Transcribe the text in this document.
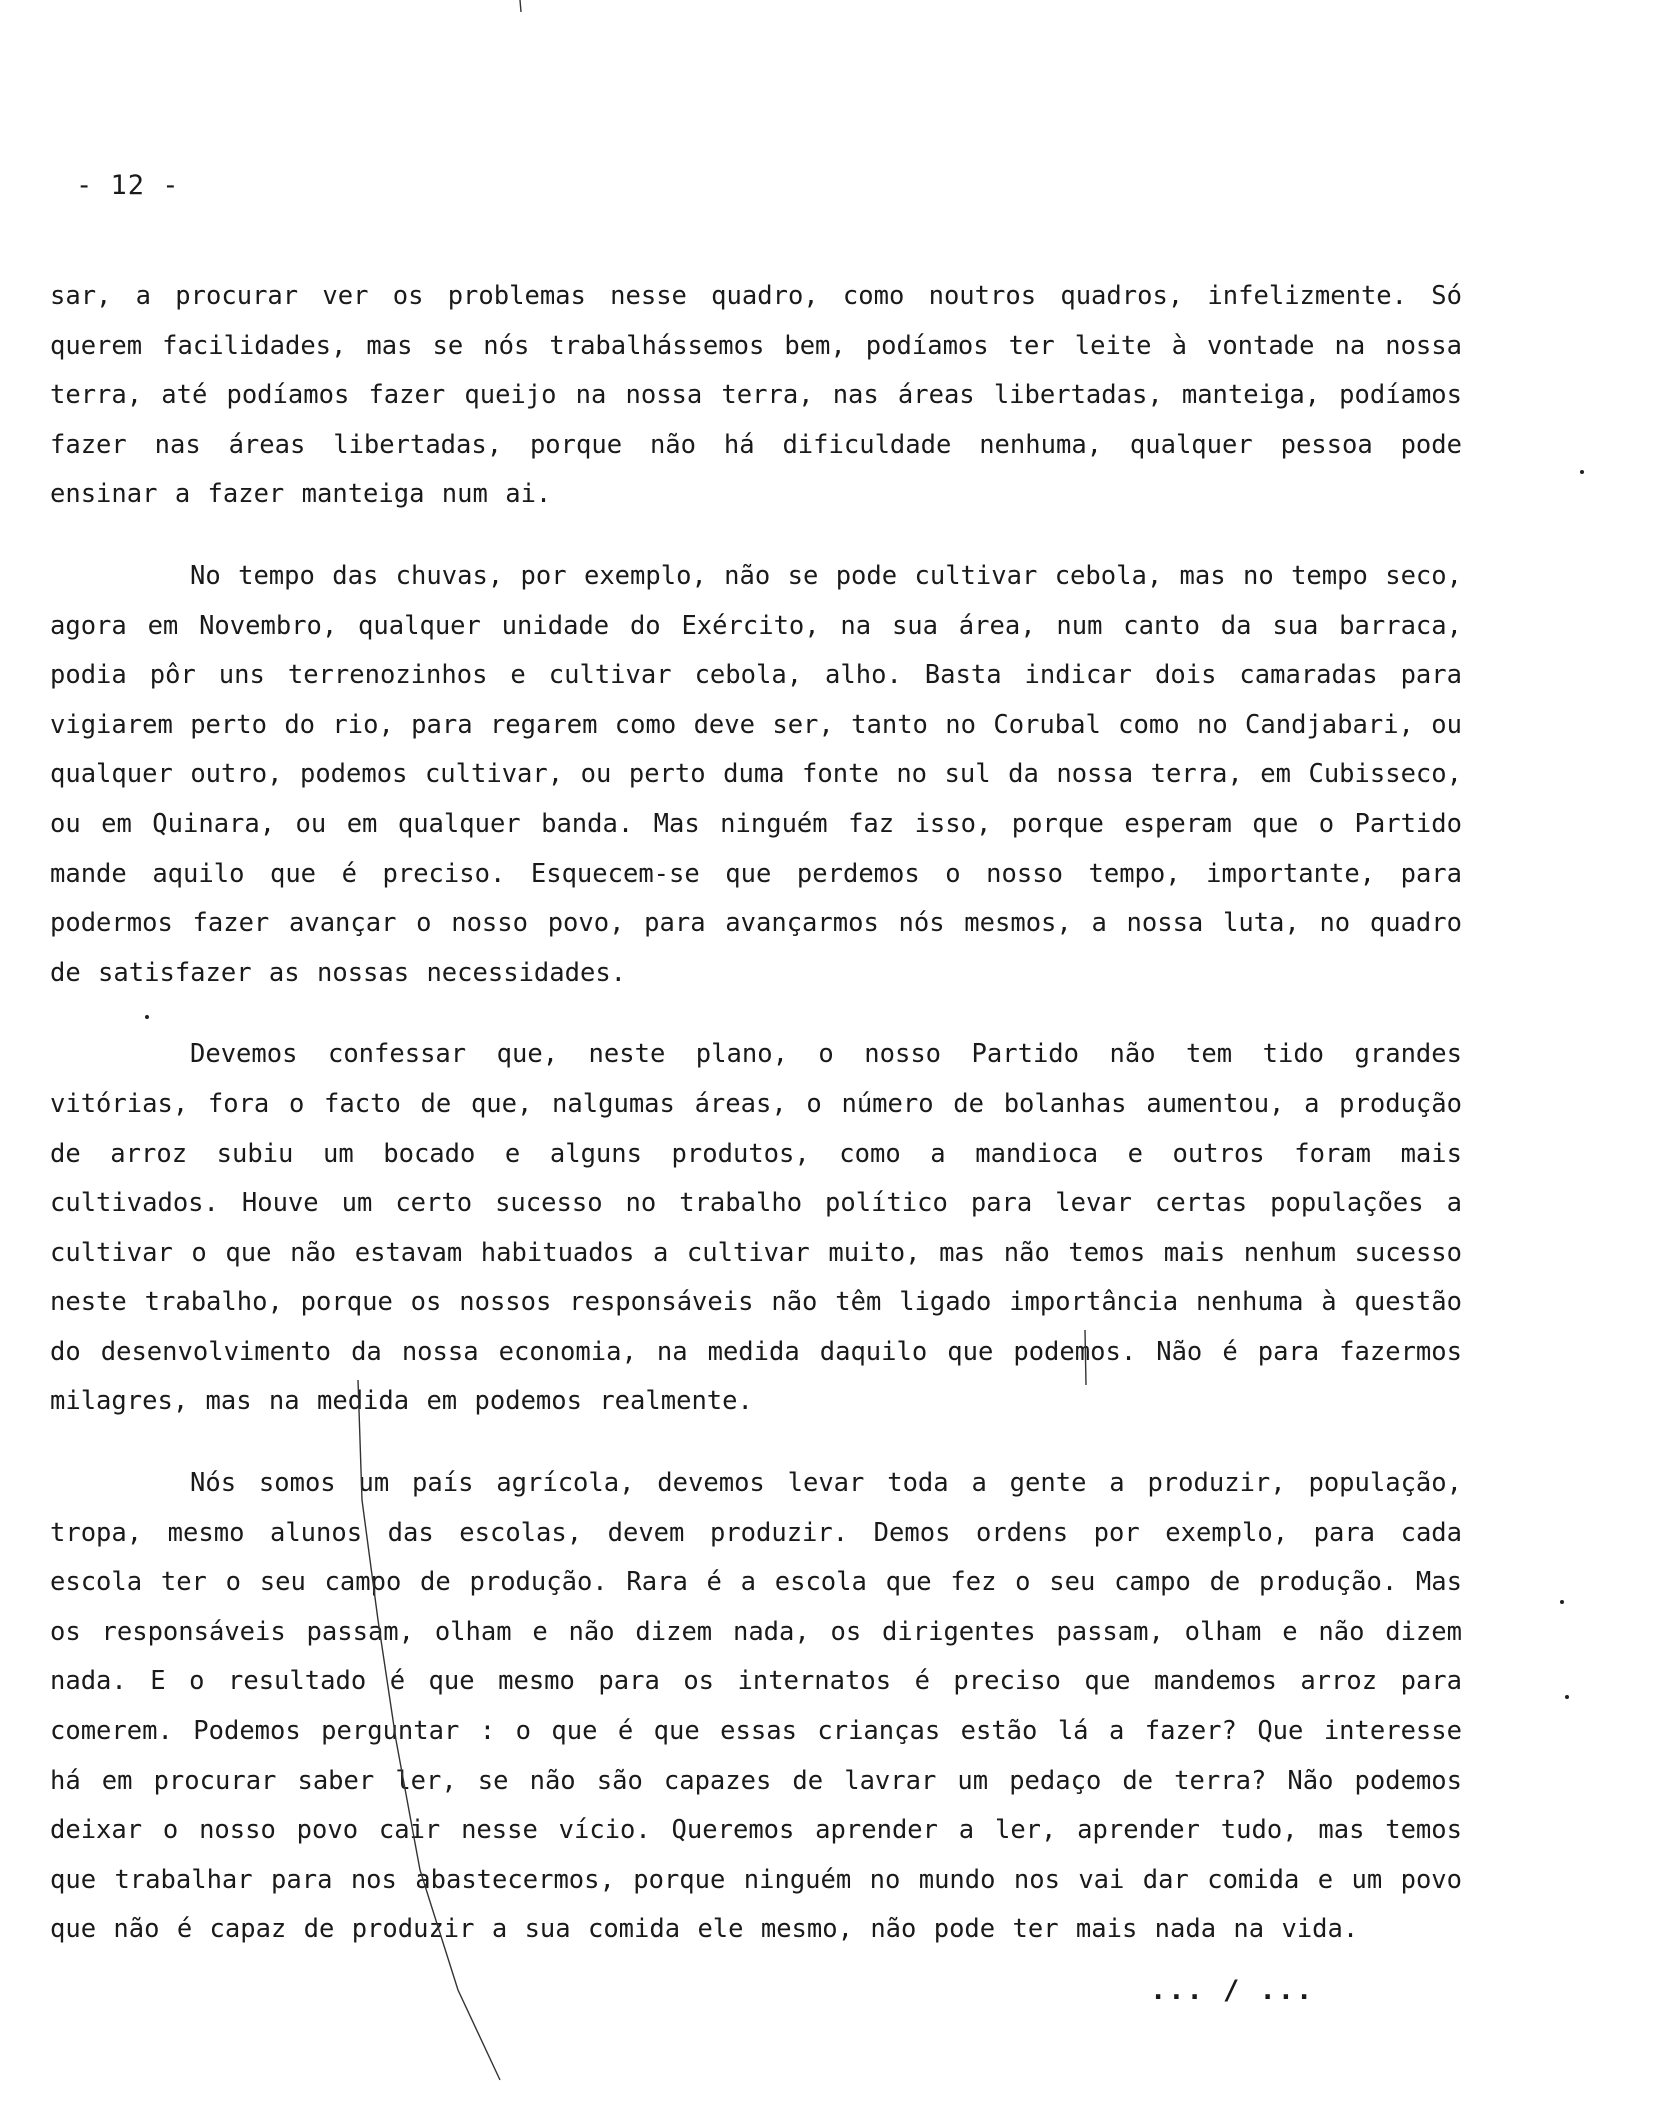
- 12 -

sar, a procurar ver os problemas nesse quadro, como noutros quadros, infelizmente. Só querem facilidades, mas se nós trabalhássemos bem, podíamos ter leite à vontade na nossa terra, até podíamos fazer queijo na nossa terra, nas áreas libertadas, manteiga, podíamos fazer nas áreas libertadas, porque não há dificuldade nenhuma, qualquer pessoa pode ensinar a fazer manteiga num ai.

No tempo das chuvas, por exemplo, não se pode cultivar cebola, mas no tempo seco, agora em Novembro, qualquer unidade do Exército, na sua área, num canto da sua barraca, podia pôr uns terrenozinhos e cultivar cebola, alho. Basta indicar dois camaradas para vigiarem perto do rio, para regarem como deve ser, tanto no Corubal como no Candjabari, ou qualquer outro, podemos cultivar, ou perto duma fonte no sul da nossa terra, em Cubisseco, ou em Quinara, ou em qualquer banda. Mas ninguém faz isso, porque esperam que o Partido mande aquilo que é preciso. Esquecem-se que perdemos o nosso tempo, importante, para podermos fazer avançar o nosso povo, para avançarmos nós mesmos, a nossa luta, no quadro de satisfazer as nossas necessidades.

Devemos confessar que, neste plano, o nosso Partido não tem tido grandes vitórias, fora o facto de que, nalgumas áreas, o número de bolanhas aumentou, a produção de arroz subiu um bocado e alguns produtos, como a mandioca e outros foram mais cultivados. Houve um certo sucesso no trabalho político para levar certas populações a cultivar o que não estavam habituados a cultivar muito, mas não temos mais nenhum sucesso neste trabalho, porque os nossos responsáveis não têm ligado importância nenhuma à questão do desenvolvimento da nossa economia, na medida daquilo que podemos. Não é para fazermos milagres, mas na medida em podemos realmente.

Nós somos um país agrícola, devemos levar toda a gente a produzir, população, tropa, mesmo alunos das escolas, devem produzir. Demos ordens por exemplo, para cada escola ter o seu campo de produção. Rara é a escola que fez o seu campo de produção. Mas os responsáveis passam, olham e não dizem nada, os dirigentes passam, olham e não dizem nada. E o resultado é que mesmo para os internatos é preciso que mandemos arroz para comerem. Podemos perguntar : o que é que essas crianças estão lá a fazer? Que interesse há em procurar saber ler, se não são capazes de lavrar um pedaço de terra? Não podemos deixar o nosso povo cair nesse vício. Queremos aprender a ler, aprender tudo, mas temos que trabalhar para nos abastecermos, porque ninguém no mundo nos vai dar comida e um povo que não é capaz de produzir a sua comida ele mesmo, não pode ter mais nada na vida.

... / ...
